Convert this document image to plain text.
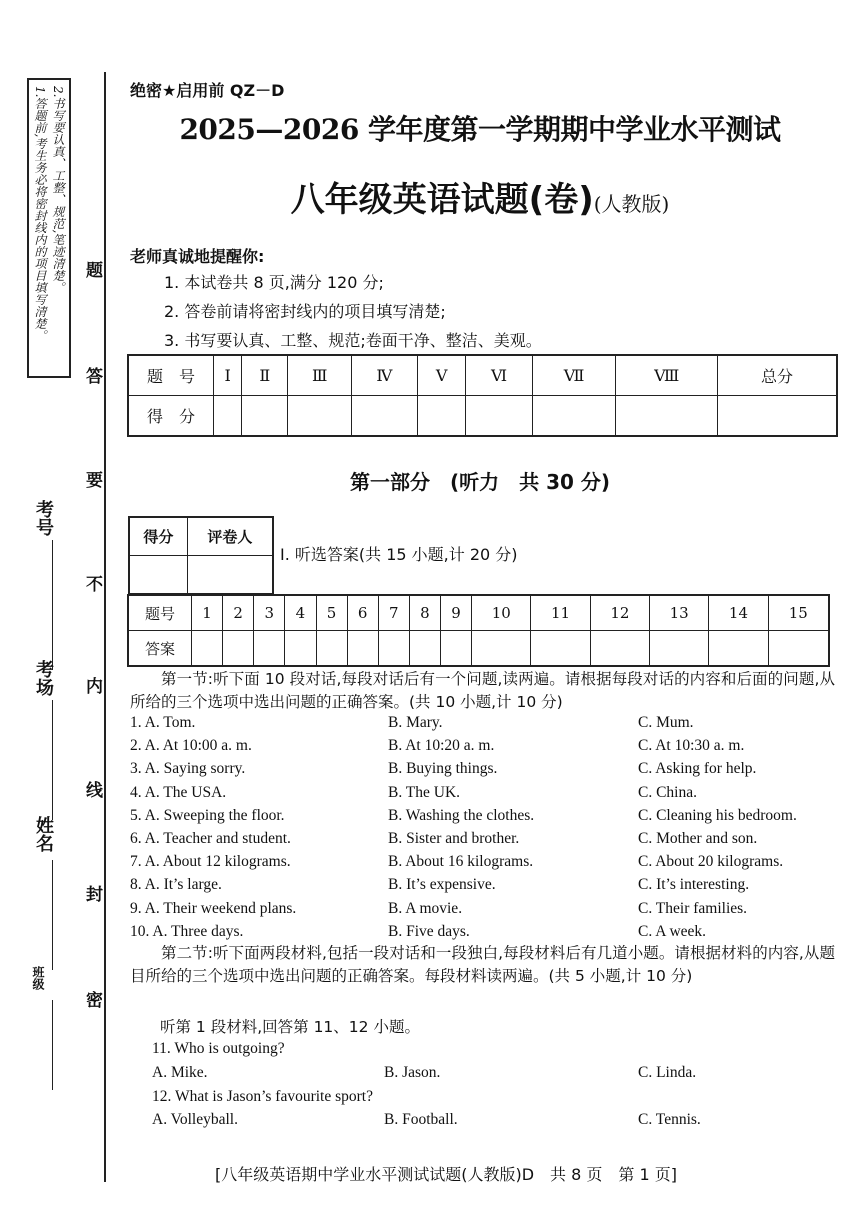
1.答题前,考生务必将密封线内的项目填写清楚。 2.书写要认真、工整、规范,笔迹清楚。 题
答
要
不
内
线
封
密
考号
考场
姓名
班级
绝密★启用前 QZ－D
2025—2026 学年度第一学期期中学业水平测试
八年级英语试题(卷)(人教版)
老师真诚地提醒你:
1. 本试卷共 8 页,满分 120 分;
2. 答卷前请将密封线内的项目填写清楚;
3. 书写要认真、工整、规范;卷面干净、整洁、美观。
题　号	Ⅰ	Ⅱ	Ⅲ	Ⅳ	Ⅴ	Ⅵ	Ⅶ	Ⅷ	总分
得　分									
第一部分　(听力　共 30 分)
得分	评卷人

Ⅰ. 听选答案(共 15 小题,计 20 分)
题号	1	2	3	4	5	6	7	8	9	10	11	12	13	14	15
答案															
第一节:听下面 10 段对话,每段对话后有一个问题,读两遍。请根据每段对话的内容和后面的问题,从所给的三个选项中选出问题的正确答案。(共 10 小题,计 10 分)
1. A. Tom.	B. Mary.	C. Mum.
2. A. At 10:00 a. m.	B. At 10:20 a. m.	C. At 10:30 a. m.
3. A. Saying sorry.	B. Buying things.	C. Asking for help.
4. A. The USA.	B. The UK.	C. China.
5. A. Sweeping the floor.	B. Washing the clothes.	C. Cleaning his bedroom.
6. A. Teacher and student.	B. Sister and brother.	C. Mother and son.
7. A. About 12 kilograms.	B. About 16 kilograms.	C. About 20 kilograms.
8. A. It’s large.	B. It’s expensive.	C. It’s interesting.
9. A. Their weekend plans.	B. A movie.	C. Their families.
10. A. Three days.	B. Five days.	C. A week.
第二节:听下面两段材料,包括一段对话和一段独白,每段材料后有几道小题。请根据材料的内容,从题目所给的三个选项中选出问题的正确答案。每段材料读两遍。(共 5 小题,计 10 分)
听第 1 段材料,回答第 11、12 小题。
11. Who is outgoing?
A. Mike.	B. Jason.	C. Linda.
12. What is Jason’s favourite sport?
A. Volleyball.	B. Football.	C. Tennis.
[八年级英语期中学业水平测试试题(人教版)D　共 8 页　第 1 页]
